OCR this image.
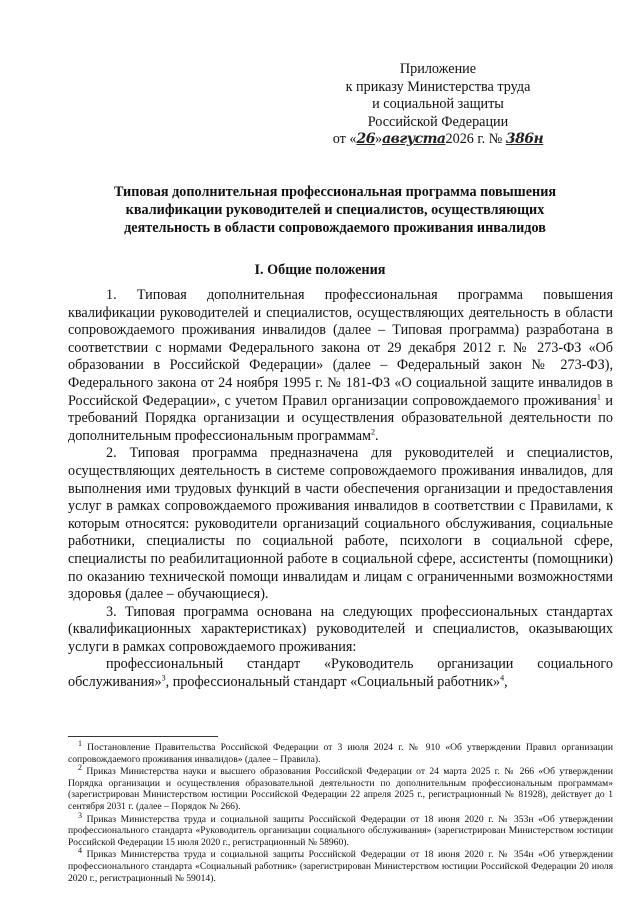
Приложение
к приказу Министерства труда
и социальной защиты
Российской Федерации
от «26»августа2026 г. № 386н
Типовая дополнительная профессиональная программа повышения квалификации руководителей и специалистов, осуществляющих деятельность в области сопровождаемого проживания инвалидов
I. Общие положения

1. Типовая дополнительная профессиональная программа повышения квалификации руководителей и специалистов, осуществляющих деятельность в области сопровождаемого проживания инвалидов (далее – Типовая программа) разработана в соответствии с нормами Федерального закона от 29 декабря 2012 г. № 273-ФЗ «Об образовании в Российской Федерации» (далее – Федеральный закон № 273-ФЗ), Федерального закона от 24 ноября 1995 г. № 181-ФЗ «О социальной защите инвалидов в Российской Федерации», с учетом Правил организации сопровождаемого проживания$^1$ и требований Порядка организации и осуществления образовательной деятельности по дополнительным профессиональным программам$^2$.

2. Типовая программа предназначена для руководителей и специалистов, осуществляющих деятельность в системе сопровождаемого проживания инвалидов, для выполнения ими трудовых функций в части обеспечения организации и предоставления услуг в рамках сопровождаемого проживания инвалидов в соответствии с Правилами, к которым относятся: руководители организаций социального обслуживания, социальные работники, специалисты по социальной работе, психологи в социальной сфере, специалисты по реабилитационной работе в социальной сфере, ассистенты (помощники) по оказанию технической помощи инвалидам и лицам с ограниченными возможностями здоровья (далее – обучающиеся).

3. Типовая программа основана на следующих профессиональных стандартах (квалификационных характеристиках) руководителей и специалистов, оказывающих услуги в рамках сопровождаемого проживания:

профессиональный стандарт «Руководитель организации социального обслуживания»$^3$, профессиональный стандарт «Социальный работник»$^4$,

$^1$ Постановление Правительства Российской Федерации от 3 июля 2024 г. № 910 «Об утверждении Правил организации сопровождаемого проживания инвалидов» (далее – Правила).

$^2$ Приказ Министерства науки и высшего образования Российской Федерации от 24 марта 2025 г. № 266 «Об утверждении Порядка организации и осуществления образовательной деятельности по дополнительным профессиональным программам» (зарегистрирован Министерством юстиции Российской Федерации 22 апреля 2025 г., регистрационный № 81928), действует до 1 сентября 2031 г. (далее – Порядок № 266).

$^3$ Приказ Министерства труда и социальной защиты Российской Федерации от 18 июня 2020 г. № 353н «Об утверждении профессионального стандарта «Руководитель организации социального обслуживания» (зарегистрирован Министерством юстиции Российской Федерации 15 июля 2020 г., регистрационный № 58960).

$^4$ Приказ Министерства труда и социальной защиты Российской Федерации от 18 июня 2020 г. № 354н «Об утверждении профессионального стандарта «Социальный работник» (зарегистрирован Министерством юстиции Российской Федерации 20 июля 2020 г., регистрационный № 59014).
